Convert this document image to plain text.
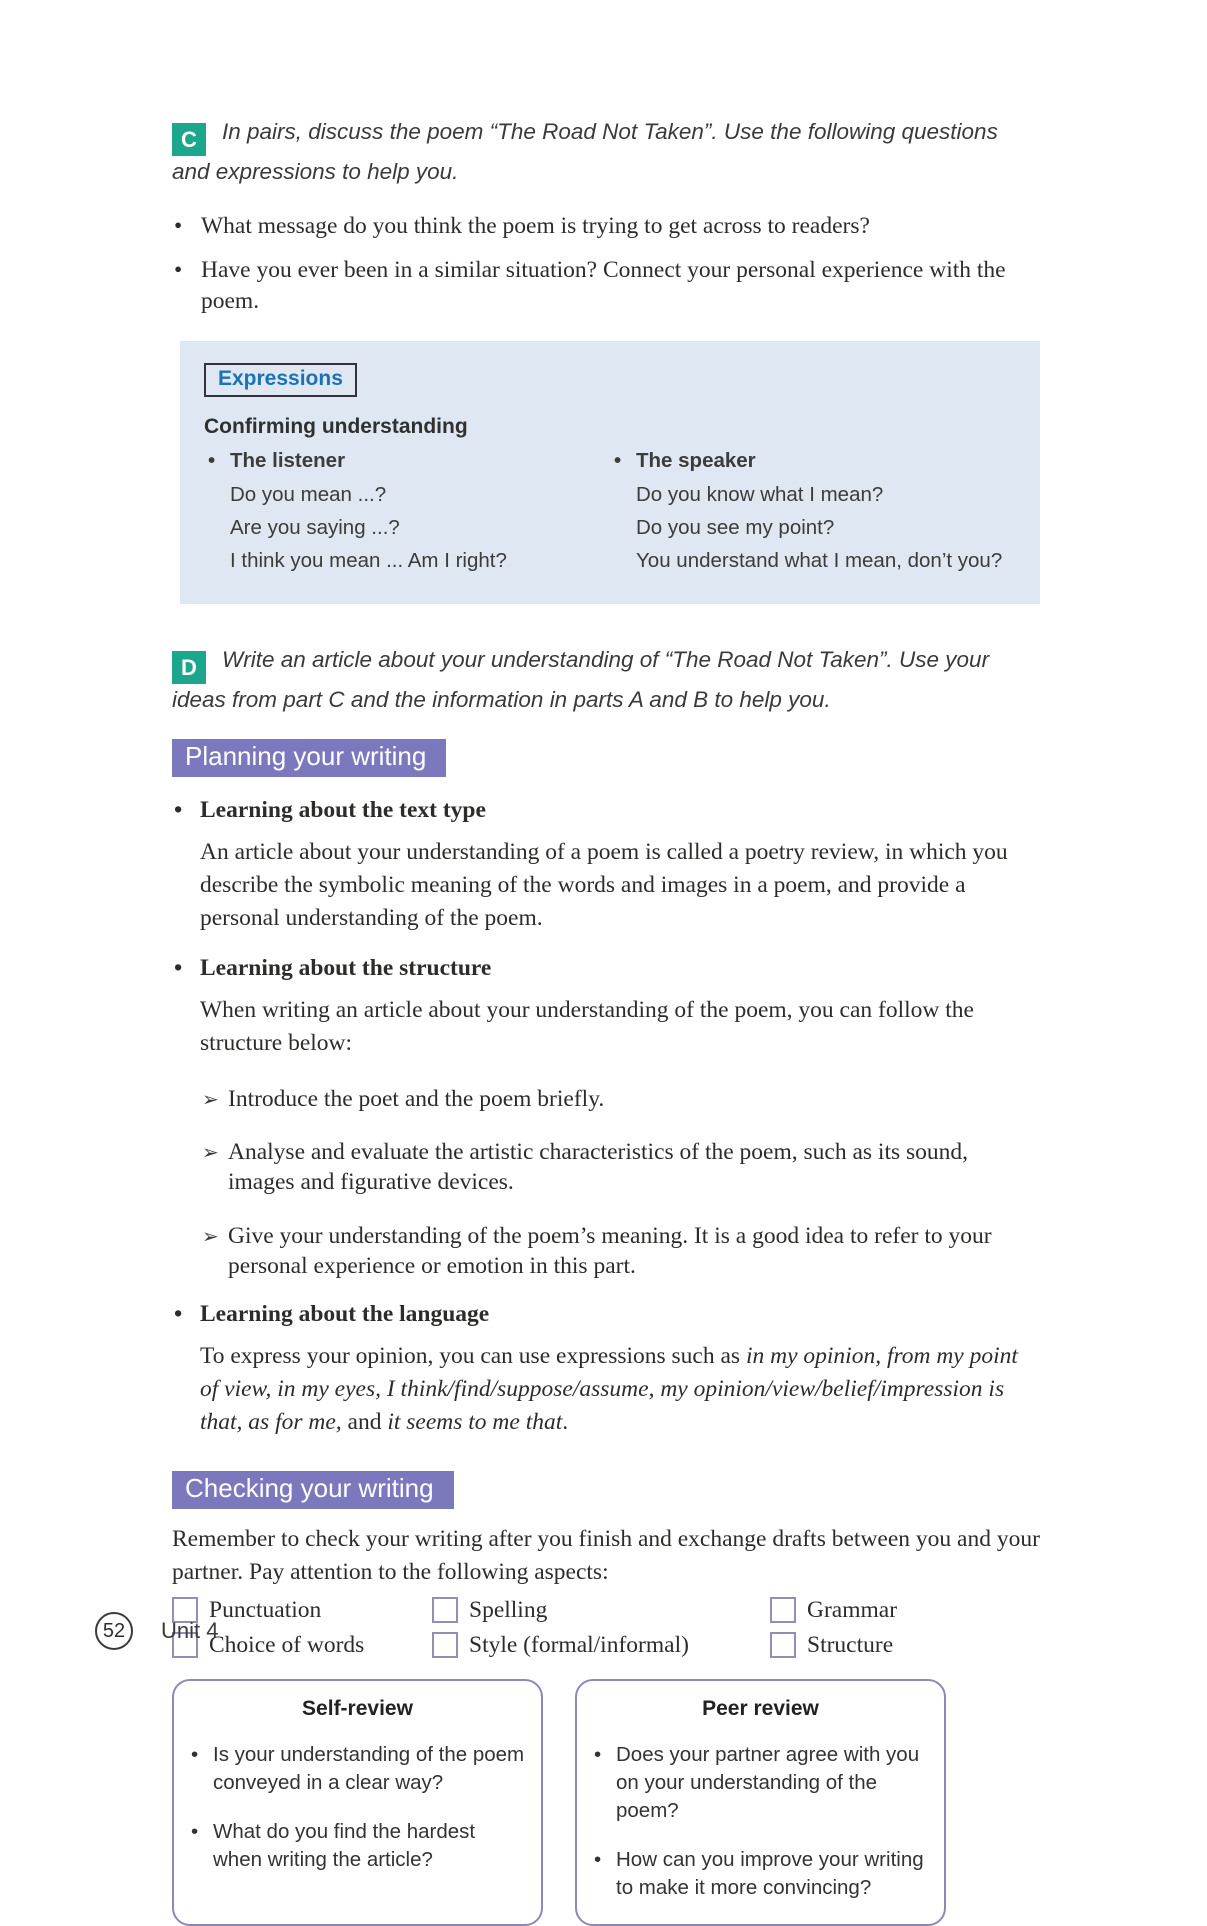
C In pairs, discuss the poem “The Road Not Taken”. Use the following questions and expressions to help you.

•
What message do you think the poem is trying to get across to readers?
•
Have you ever been in a similar situation? Connect your personal experience with the poem.
Expressions

Confirming understanding

•
The listener

Do you mean ...?

Are you saying ...?

I think you mean ... Am I right?

•
The speaker

Do you know what I mean?

Do you see my point?

You understand what I mean, don’t you?

D Write an article about your understanding of “The Road Not Taken”. Use your ideas from part C and the information in parts A and B to help you.

Planning your writing

•
Learning about the text type

An article about your understanding of a poem is called a poetry review, in which you describe the symbolic meaning of the words and images in a poem, and provide a personal understanding of the poem.

•
Learning about the structure

When writing an article about your understanding of the poem, you can follow the structure below:

➢
Introduce the poet and the poem briefly.

➢
Analyse and evaluate the artistic characteristics of the poem, such as its sound, images and figurative devices.

➢
Give your understanding of the poem’s meaning. It is a good idea to refer to your personal experience or emotion in this part.

•
Learning about the language

To express your opinion, you can use expressions such as in my opinion, from my point of view, in my eyes, I think/find/suppose/assume, my opinion/view/belief/impression is that, as for me, and it seems to me that.

Checking your writing

Remember to check your writing after you finish and exchange drafts between you and your partner. Pay attention to the following aspects:

Punctuation	Spelling	Grammar
Choice of words	Style (formal/informal)	Structure

Self-review

•
Is your understanding of the poem conveyed in a clear way?

•
What do you find the hardest when writing the article?

Peer review

•
Does your partner agree with you on your understanding of the poem?

•
How can you improve your writing to make it more convincing?

52	Unit 4
